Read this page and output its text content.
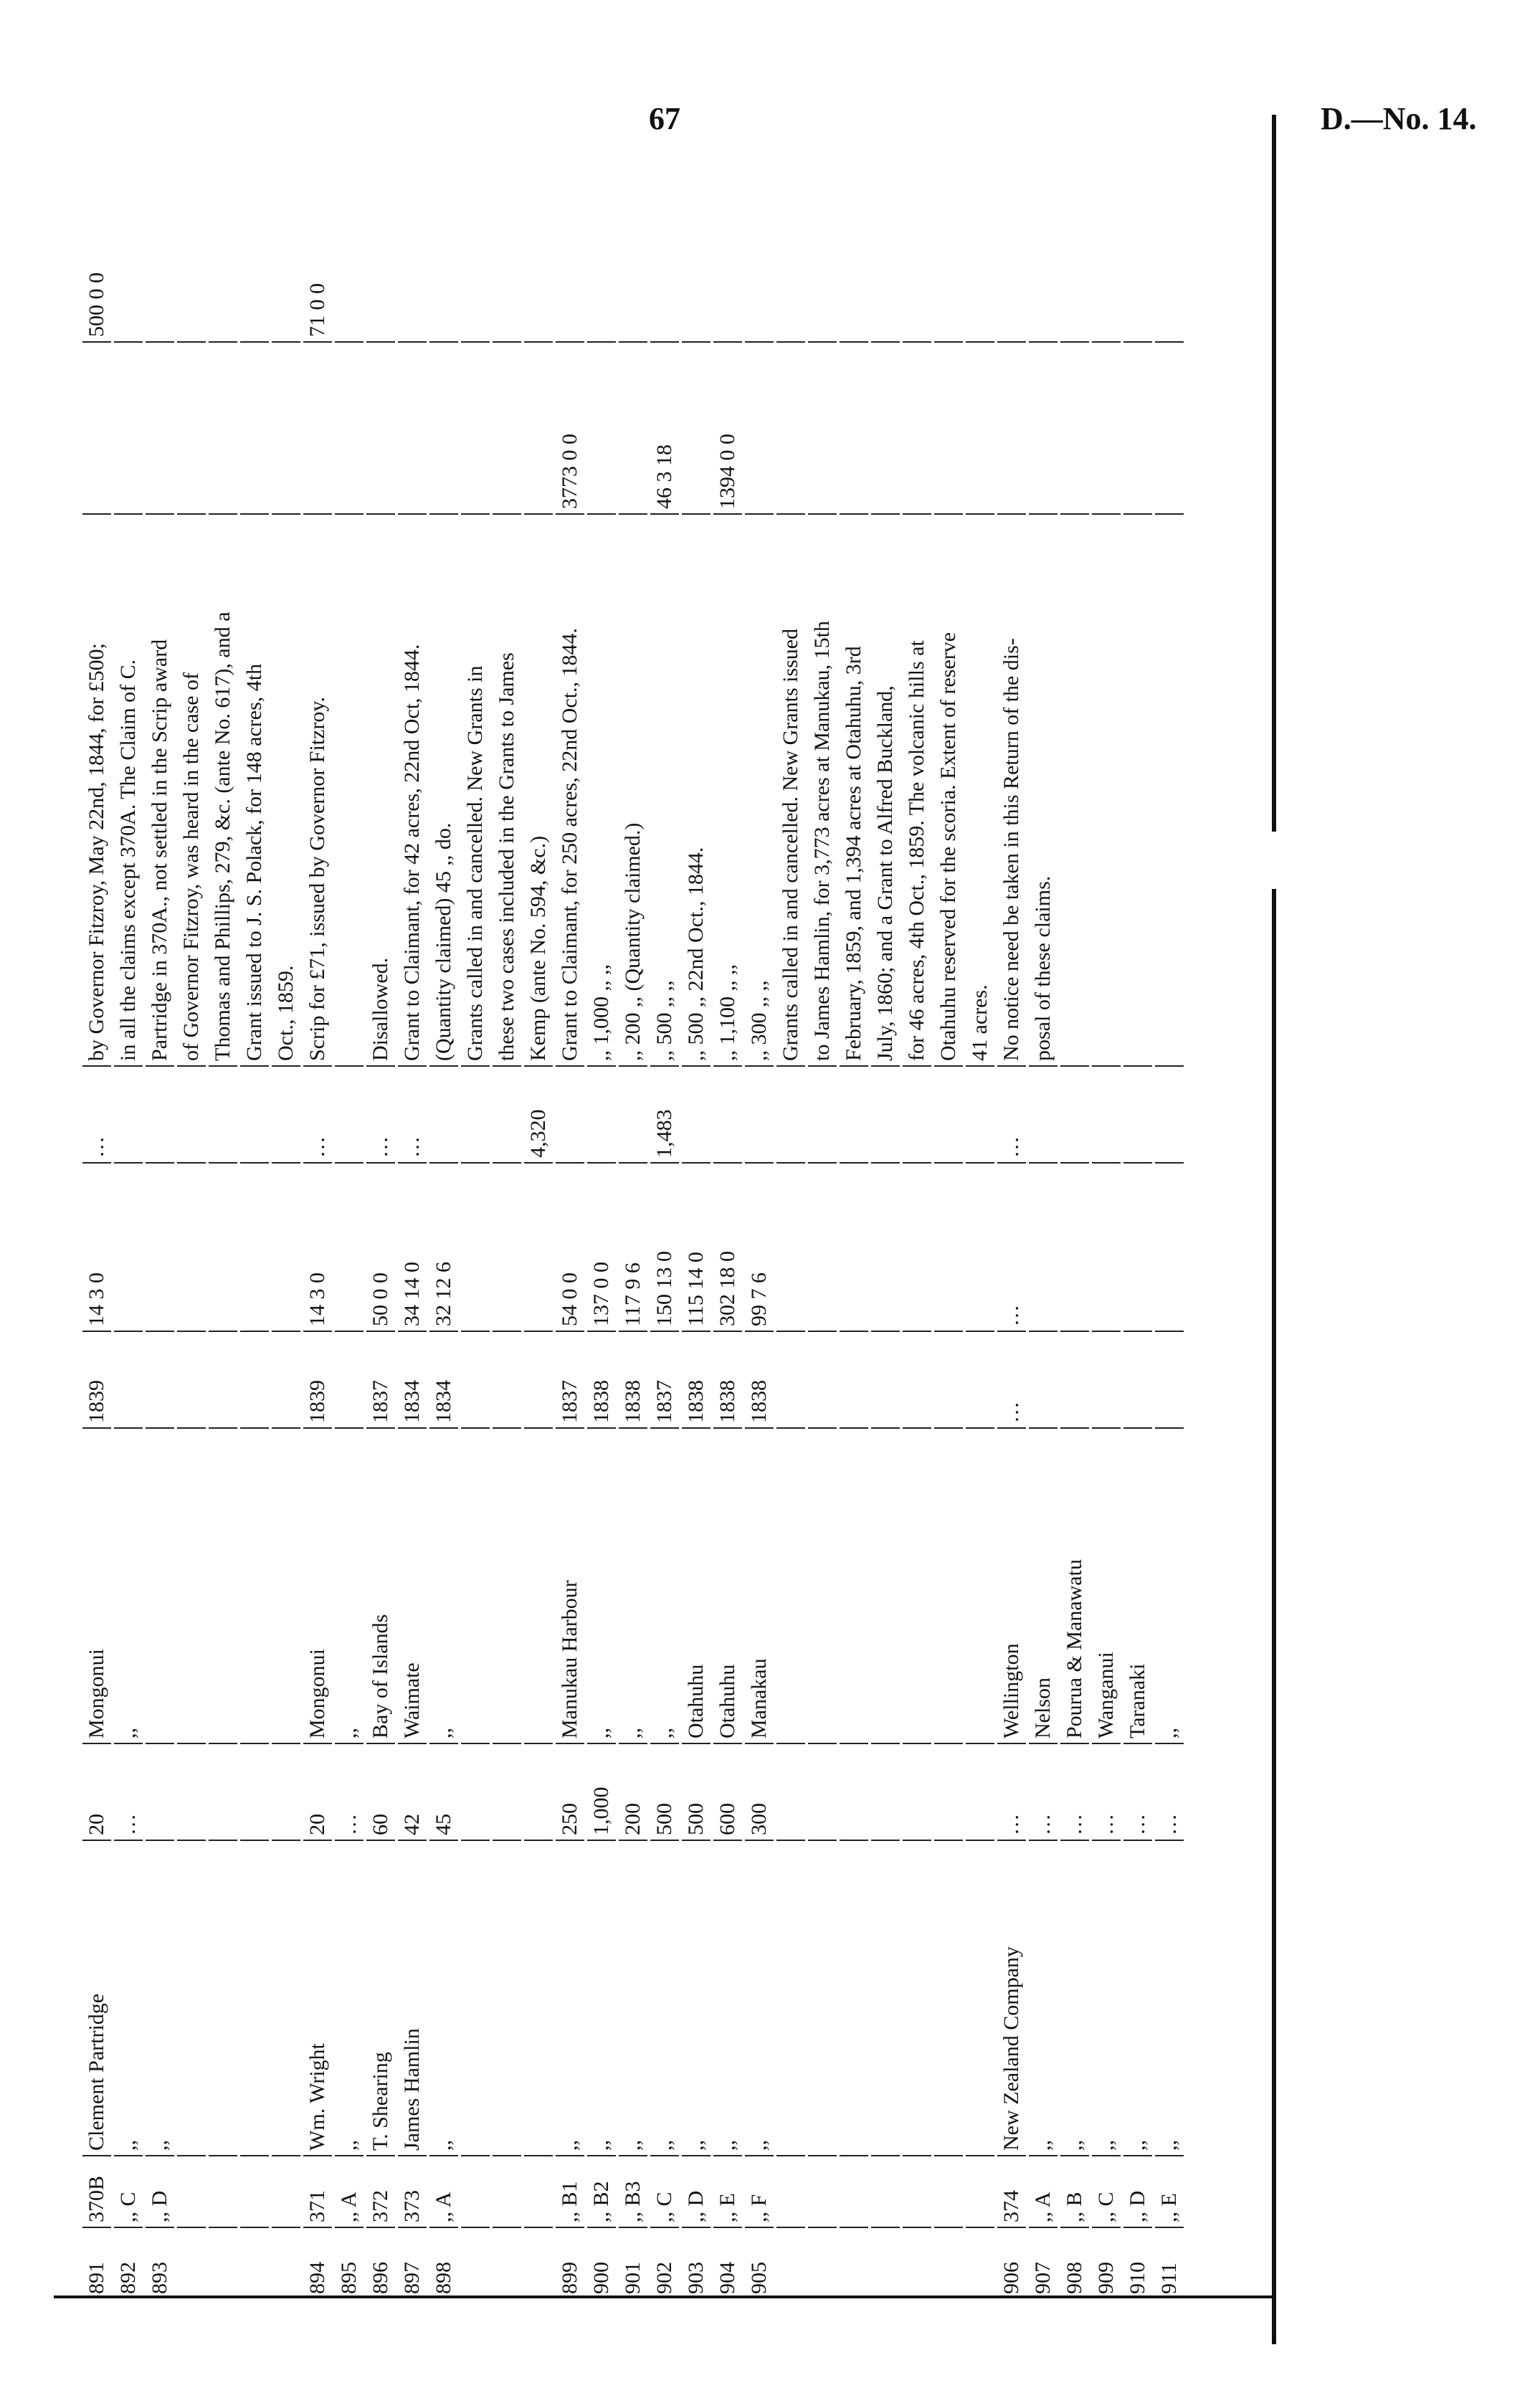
67	D.—No. 14.
891
370B
Clement Partridge
20
Mongonui
1839
14 3 0
…
by Governor Fitzroy, May 22nd, 1844, for £500;
500 0 0
892
,, C
,,
…
,,
in all the claims except 370A. The Claim of C.
893
,, D
,,
Partridge in 370A., not settled in the Scrip award of Governor Fitzroy, was heard in the case of Thomas and Phillips, 279, &c. (ante No. 617), and a Grant issued to J. S. Polack, for 148 acres, 4th Oct., 1859.
894
371
Wm. Wright
20
Mongonui
1839
14 3 0
…
Scrip for £71, issued by Governor Fitzroy.
71 0 0
895
,, A
,,
…
,,
896
372
T. Shearing
60
Bay of Islands
1837
50 0 0
…
Disallowed.
897
373
James Hamlin
42
Waimate
1834
34 14 0
…
Grant to Claimant, for 42 acres, 22nd Oct, 1844.
898
,, A
,,
45
,,
1834
32 12 6
(Quantity claimed) 45 ,, do. Grants called in and cancelled. New Grants in these two cases included in the Grants to James
4,320
Kemp (ante No. 594, &c.)
899
,, B1
,,
250
Manukau Harbour
1837
54 0 0
Grant to Claimant, for 250 acres, 22nd Oct., 1844.
3773 0 0
900
,, B2
,,
1,000
,,
1838
137 0 0
,, 1,000 ,, ,,
901
,, B3
,,
200
,,
1838
117 9 6
,, 200 ,, (Quantity claimed.)
902
,, C
,,
500
,,
1837
150 13 0
1,483
,, 500 ,, ,,
46 3 18
903
,, D
,,
500
Otahuhu
1838
115 14 0
,, 500 ,, 22nd Oct., 1844.
904
,, E
,,
600
Otahuhu
1838
302 18 0
,, 1,100 ,, ,,
1394 0 0
905
,, F
,,
300
Manakau
1838
99 7 6
,, 300 ,, ,, Grants called in and cancelled. New Grants issued to James Hamlin, for 3,773 acres at Manukau, 15th February, 1859, and 1,394 acres at Otahuhu, 3rd July, 1860; and a Grant to Alfred Buckland, for 46 acres, 4th Oct., 1859. The volcanic hills at Otahuhu reserved for the scoria. Extent of reserve 41 acres.
906
374
New Zealand Company
…
Wellington
…
…
…
No notice need be taken in this Return of the dis-
907
,, A
,,
…
Nelson
posal of these claims.
908
,, B
,,
…
Pourua & Manawatu
909
,, C
,,
…
Wanganui
910
,, D
,,
…
Taranaki
911
,, E
,,
…
,,
